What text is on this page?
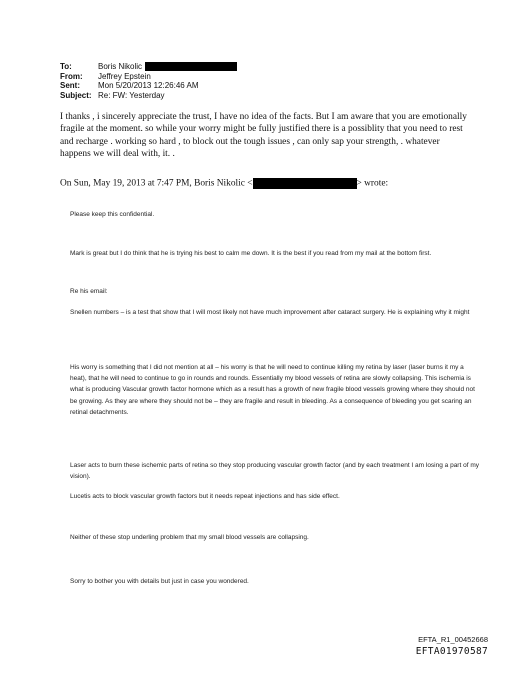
To:	Boris Nikolic
From:	Jeffrey Epstein
Sent:	Mon 5/20/2013 12:26:46 AM
Subject: Re: FW: Yesterday
I thanks , i sincerely appreciate the trust, I have no idea of the facts. But I am aware that you are emotionally fragile at the moment. so while your worry might be fully justified there is a possiblity that you need to rest and recharge . working so hard , to block out the tough issues , can only sap your strength, . whatever happens we will deal with, it. .
On Sun, May 19, 2013 at 7:47 PM, Boris Nikolic <	> wrote:
Please keep this confidential.
Mark is great but I do think that he is trying his best to calm me down. It is the best if you read from my mail at the bottom first.
Re his email:
Snellen numbers – is a test that show that I will most likely not have much improvement after cataract surgery. He is explaining why it might
His worry is something that I did not mention at all – his worry is that he will need to continue killing my retina by laser (laser burns it my a heat), that he will need to continue to go in rounds and rounds. Essentially my blood vessels of retina are slowly collapsing. This ischemia is what is producing Vascular growth factor hormone which as a result has a growth of new fragile blood vessels growing where they should not be growing. As they are where they should not be – they are fragile and result in bleeding. As a consequence of bleeding you get scaring an retinal detachments.
Laser acts to burn these ischemic parts of retina so they stop producing vascular growth factor (and by each treatment I am losing a part of my vision).
Lucetis acts to block vascular growth factors but it needs repeat injections and has side effect.
Neither of these stop underling problem that my small blood vessels are collapsing.
Sorry to bother you with details but just in case you wondered.
EFTA_R1_00452668
EFTA01970587
